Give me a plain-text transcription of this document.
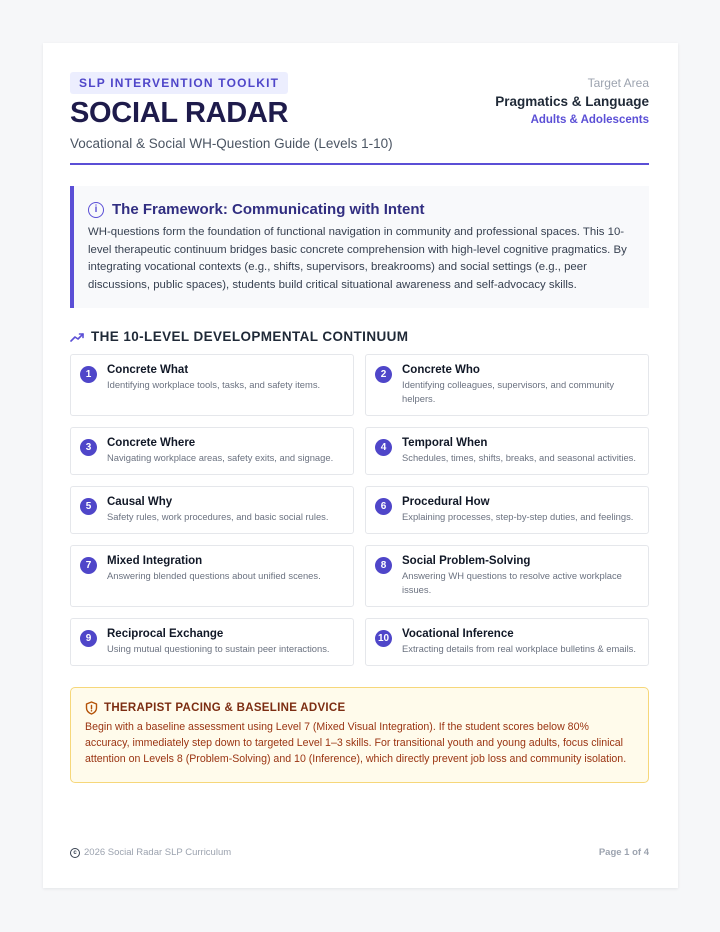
SLP INTERVENTION TOOLKIT
SOCIAL RADAR
Vocational & Social WH-Question Guide (Levels 1-10)
Target Area
Pragmatics & Language
Adults & Adolescents
i The Framework: Communicating with Intent
WH-questions form the foundation of functional navigation in community and professional spaces. This 10-level therapeutic continuum bridges basic concrete comprehension with high-level cognitive pragmatics. By integrating vocational contexts (e.g., shifts, supervisors, breakrooms) and social settings (e.g., peer discussions, public spaces), students build critical situational awareness and self-advocacy skills.
THE 10-LEVEL DEVELOPMENTAL CONTINUUM
1	Concrete What
Identifying workplace tools, tasks, and safety items.
2	Concrete Who
Identifying colleagues, supervisors, and community helpers.
3	Concrete Where
Navigating workplace areas, safety exits, and signage.
4	Temporal When
Schedules, times, shifts, breaks, and seasonal activities.
5	Causal Why
Safety rules, work procedures, and basic social rules.
6	Procedural How
Explaining processes, step-by-step duties, and feelings.
7	Mixed Integration
Answering blended questions about unified scenes.
8	Social Problem-Solving
Answering WH questions to resolve active workplace issues.
9	Reciprocal Exchange
Using mutual questioning to sustain peer interactions.
10 Vocational Inference
Extracting details from real workplace bulletins & emails.
THERAPIST PACING & BASELINE ADVICE
Begin with a baseline assessment using Level 7 (Mixed Visual Integration). If the student scores below 80% accuracy, immediately step down to targeted Level 1–3 skills. For transitional youth and young adults, focus clinical attention on Levels 8 (Problem-Solving) and 10 (Inference), which directly prevent job loss and community isolation.
c 2026 Social Radar SLP Curriculum	Page 1 of 4
